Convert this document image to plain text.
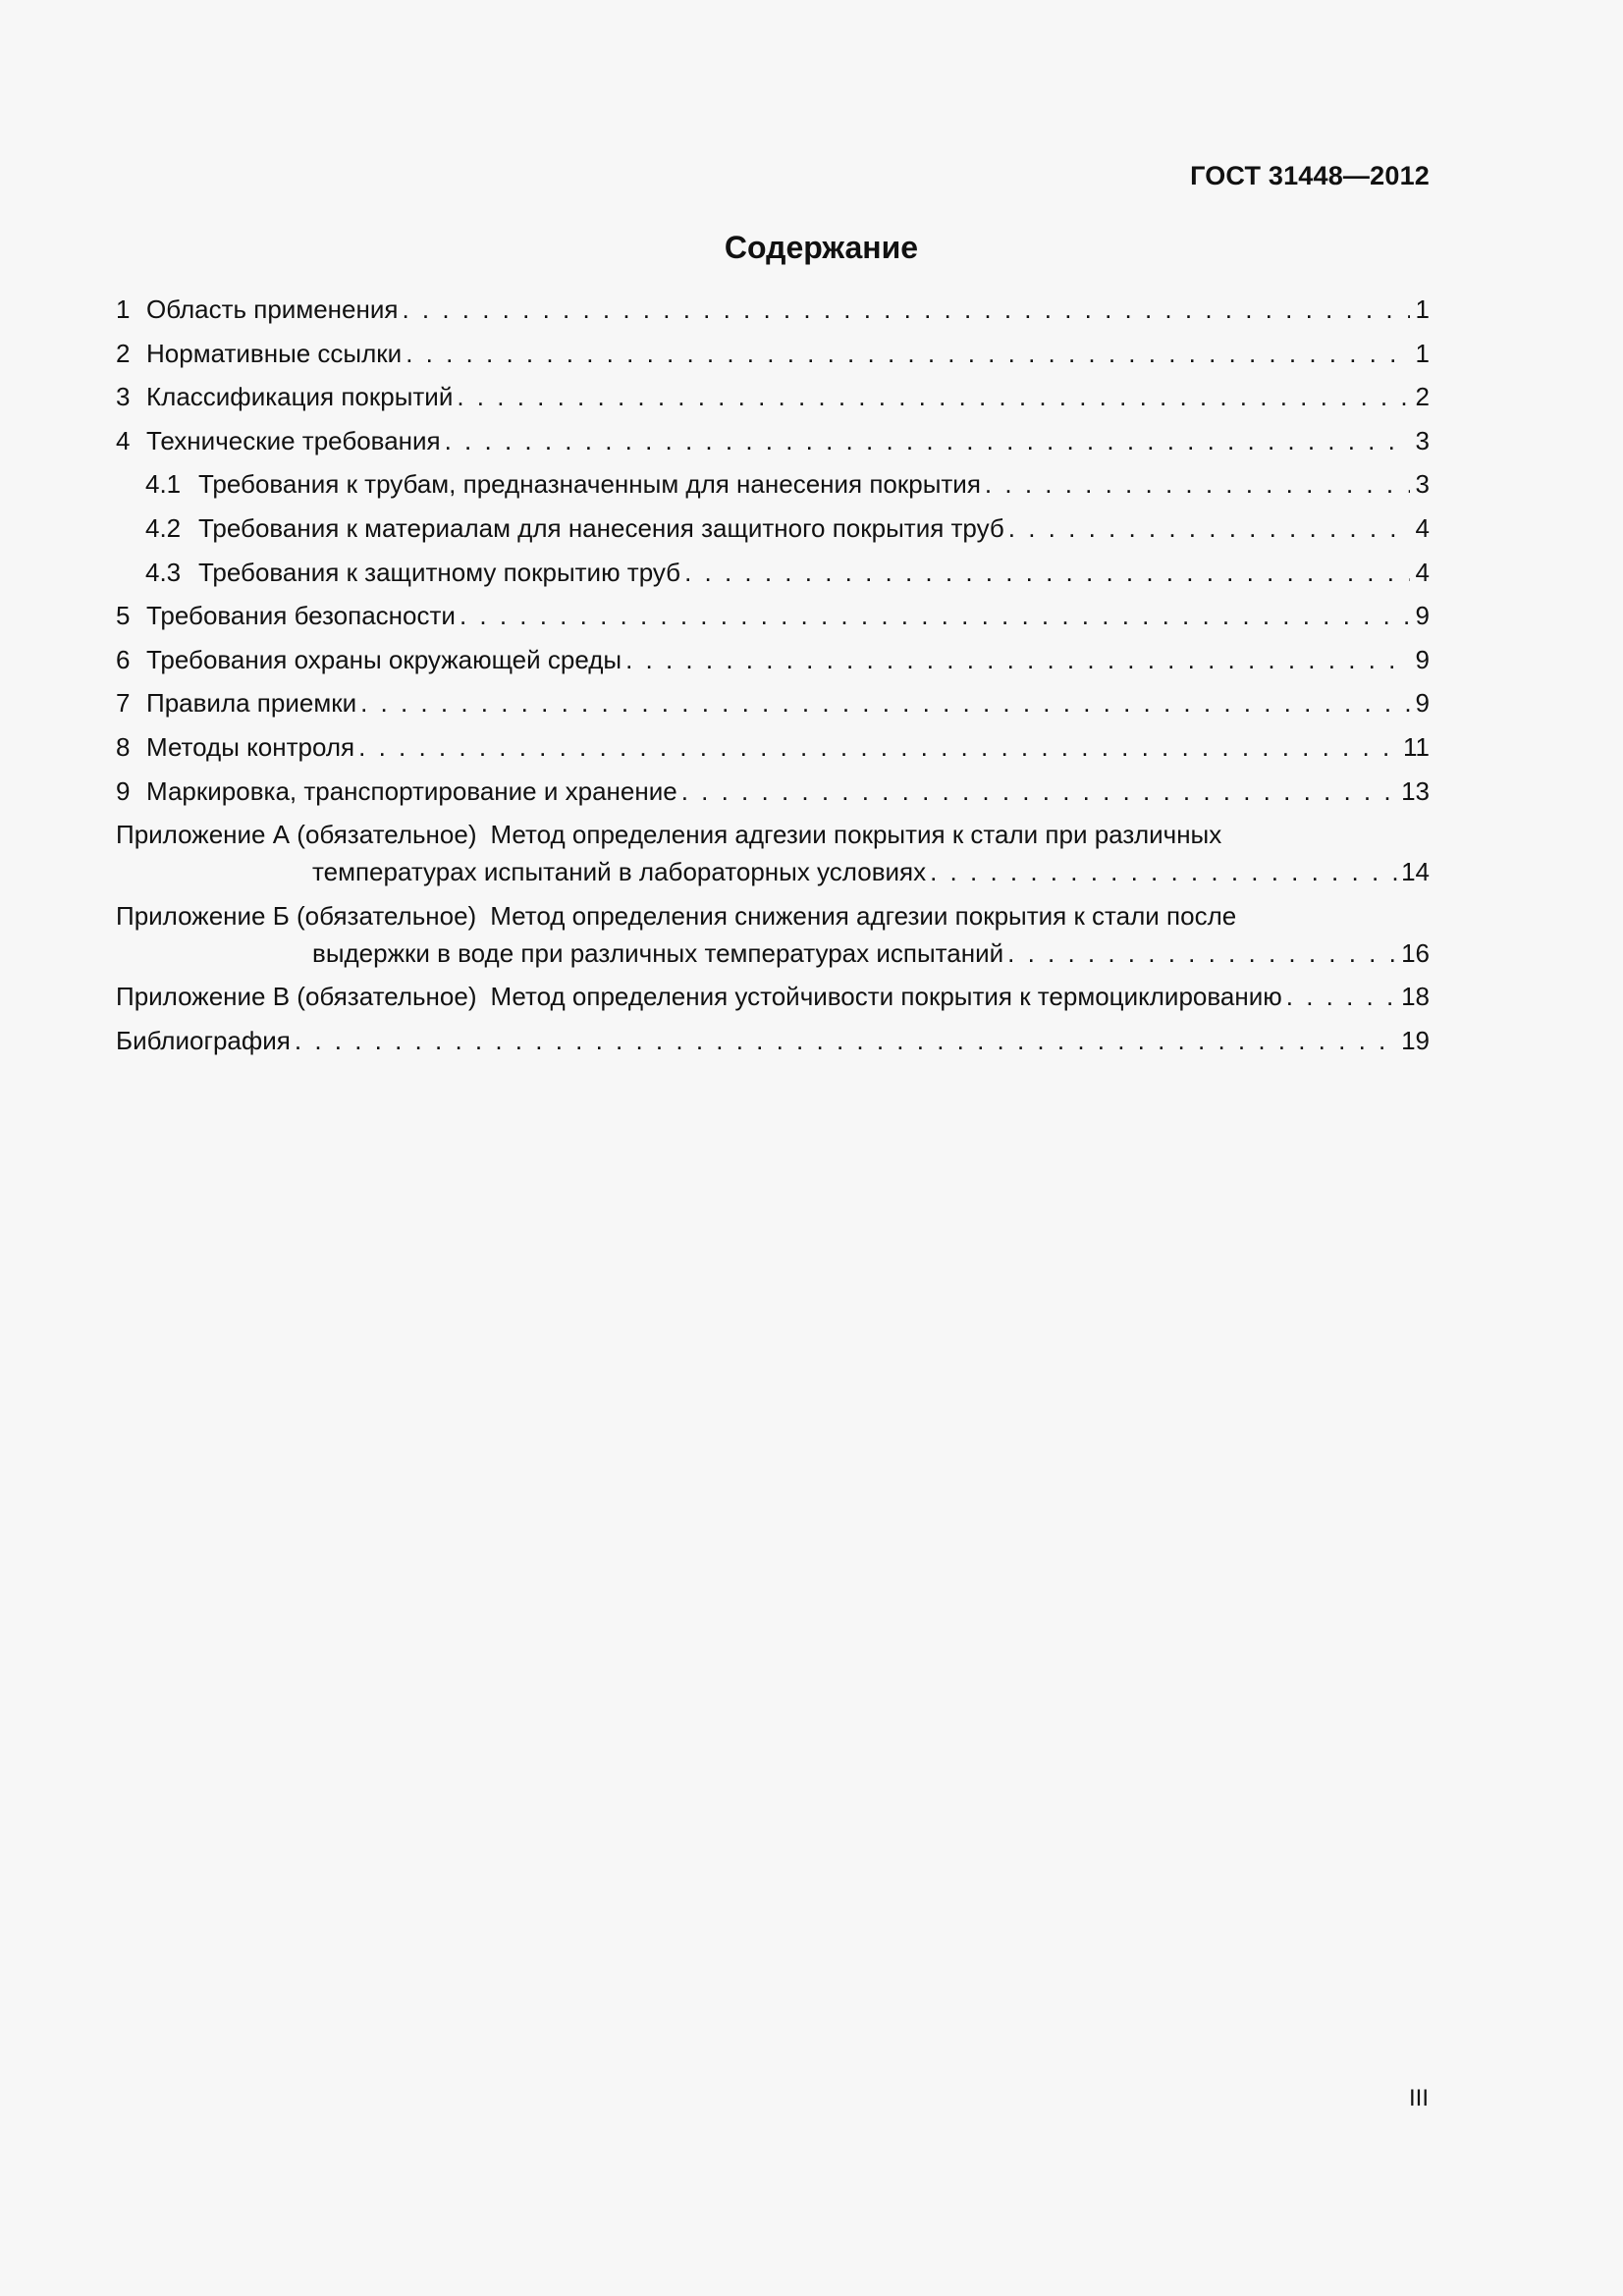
ГОСТ 31448—2012
Содержание
1 Область применения . . .	1
2 Нормативные ссылки . . .	1
3 Классификация покрытий . . .	2
4 Технические требования . . .	3
4.1 Требования к трубам, предназначенным для нанесения покрытия . . .	3
4.2 Требования к материалам для нанесения защитного покрытия труб . . .	4
4.3 Требования к защитному покрытию труб . . .	4
5 Требования безопасности . . .	9
6 Требования охраны окружающей среды . . .	9
7 Правила приемки . . .	9
8 Методы контроля . . .	11
9 Маркировка, транспортирование и хранение . . .	13
Приложение А (обязательное) Метод определения адгезии покрытия к стали при различных
температурах испытаний в лабораторных условиях . . .	14
Приложение Б (обязательное) Метод определения снижения адгезии покрытия к стали после
выдержки в воде при различных температурах испытаний . . .	16
Приложение В (обязательное) Метод определения устойчивости покрытия к термоциклированию . . .	18
Библиография . . .	19
III
